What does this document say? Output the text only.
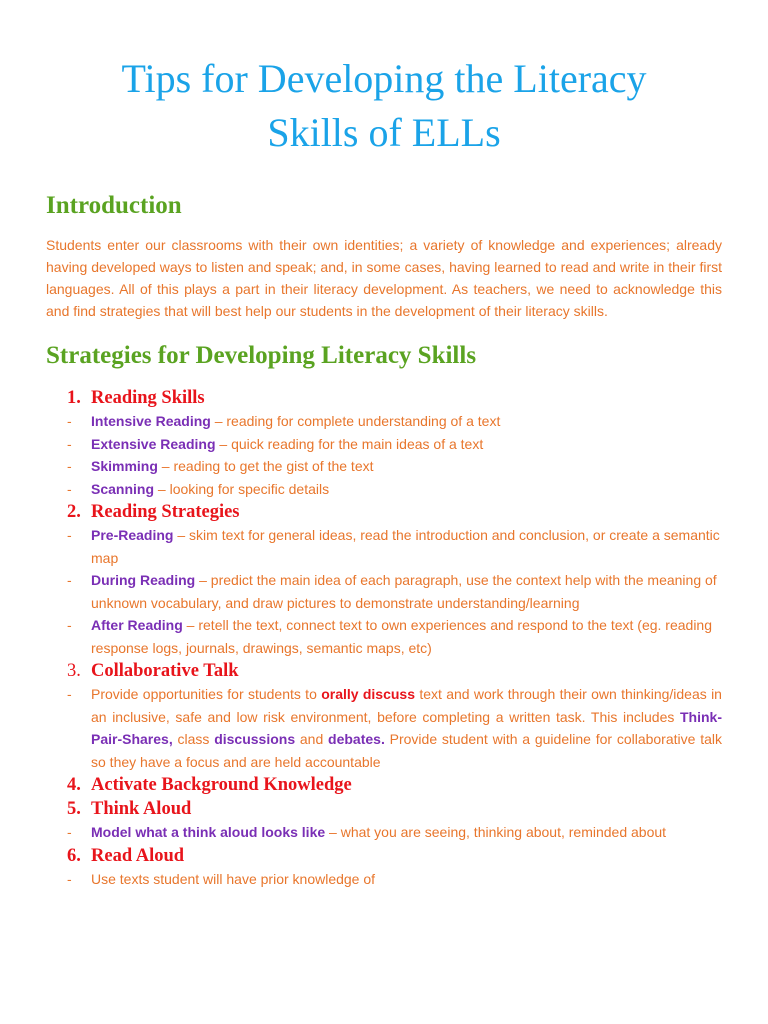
Tips for Developing the Literacy
Skills of ELLs
Introduction

Students enter our classrooms with their own identities; a variety of knowledge and experiences; already having developed ways to listen and speak; and, in some cases, having learned to read and write in their first languages. All of this plays a part in their literacy development. As teachers, we need to acknowledge this and find strategies that will best help our students in the development of their literacy skills.

Strategies for Developing Literacy Skills
1. Reading Skills
- Intensive Reading – reading for complete understanding of a text
- Extensive Reading – quick reading for the main ideas of a text
- Skimming – reading to get the gist of the text
- Scanning – looking for specific details
2. Reading Strategies
- Pre-Reading – skim text for general ideas, read the introduction and conclusion, or create a semantic map
- During Reading – predict the main idea of each paragraph, use the context help with the meaning of unknown vocabulary, and draw pictures to demonstrate understanding/learning
- After Reading – retell the text, connect text to own experiences and respond to the text (eg. reading response logs, journals, drawings, semantic maps, etc)
3. Collaborative Talk
- Provide opportunities for students to orally discuss text and work through their own thinking/ideas in an inclusive, safe and low risk environment, before completing a written task. This includes Think-Pair-Shares, class discussions and debates. Provide student with a guideline for collaborative talk so they have a focus and are held accountable
4. Activate Background Knowledge
5. Think Aloud
- Model what a think aloud looks like – what you are seeing, thinking about, reminded about
6. Read Aloud
- Use texts student will have prior knowledge of
